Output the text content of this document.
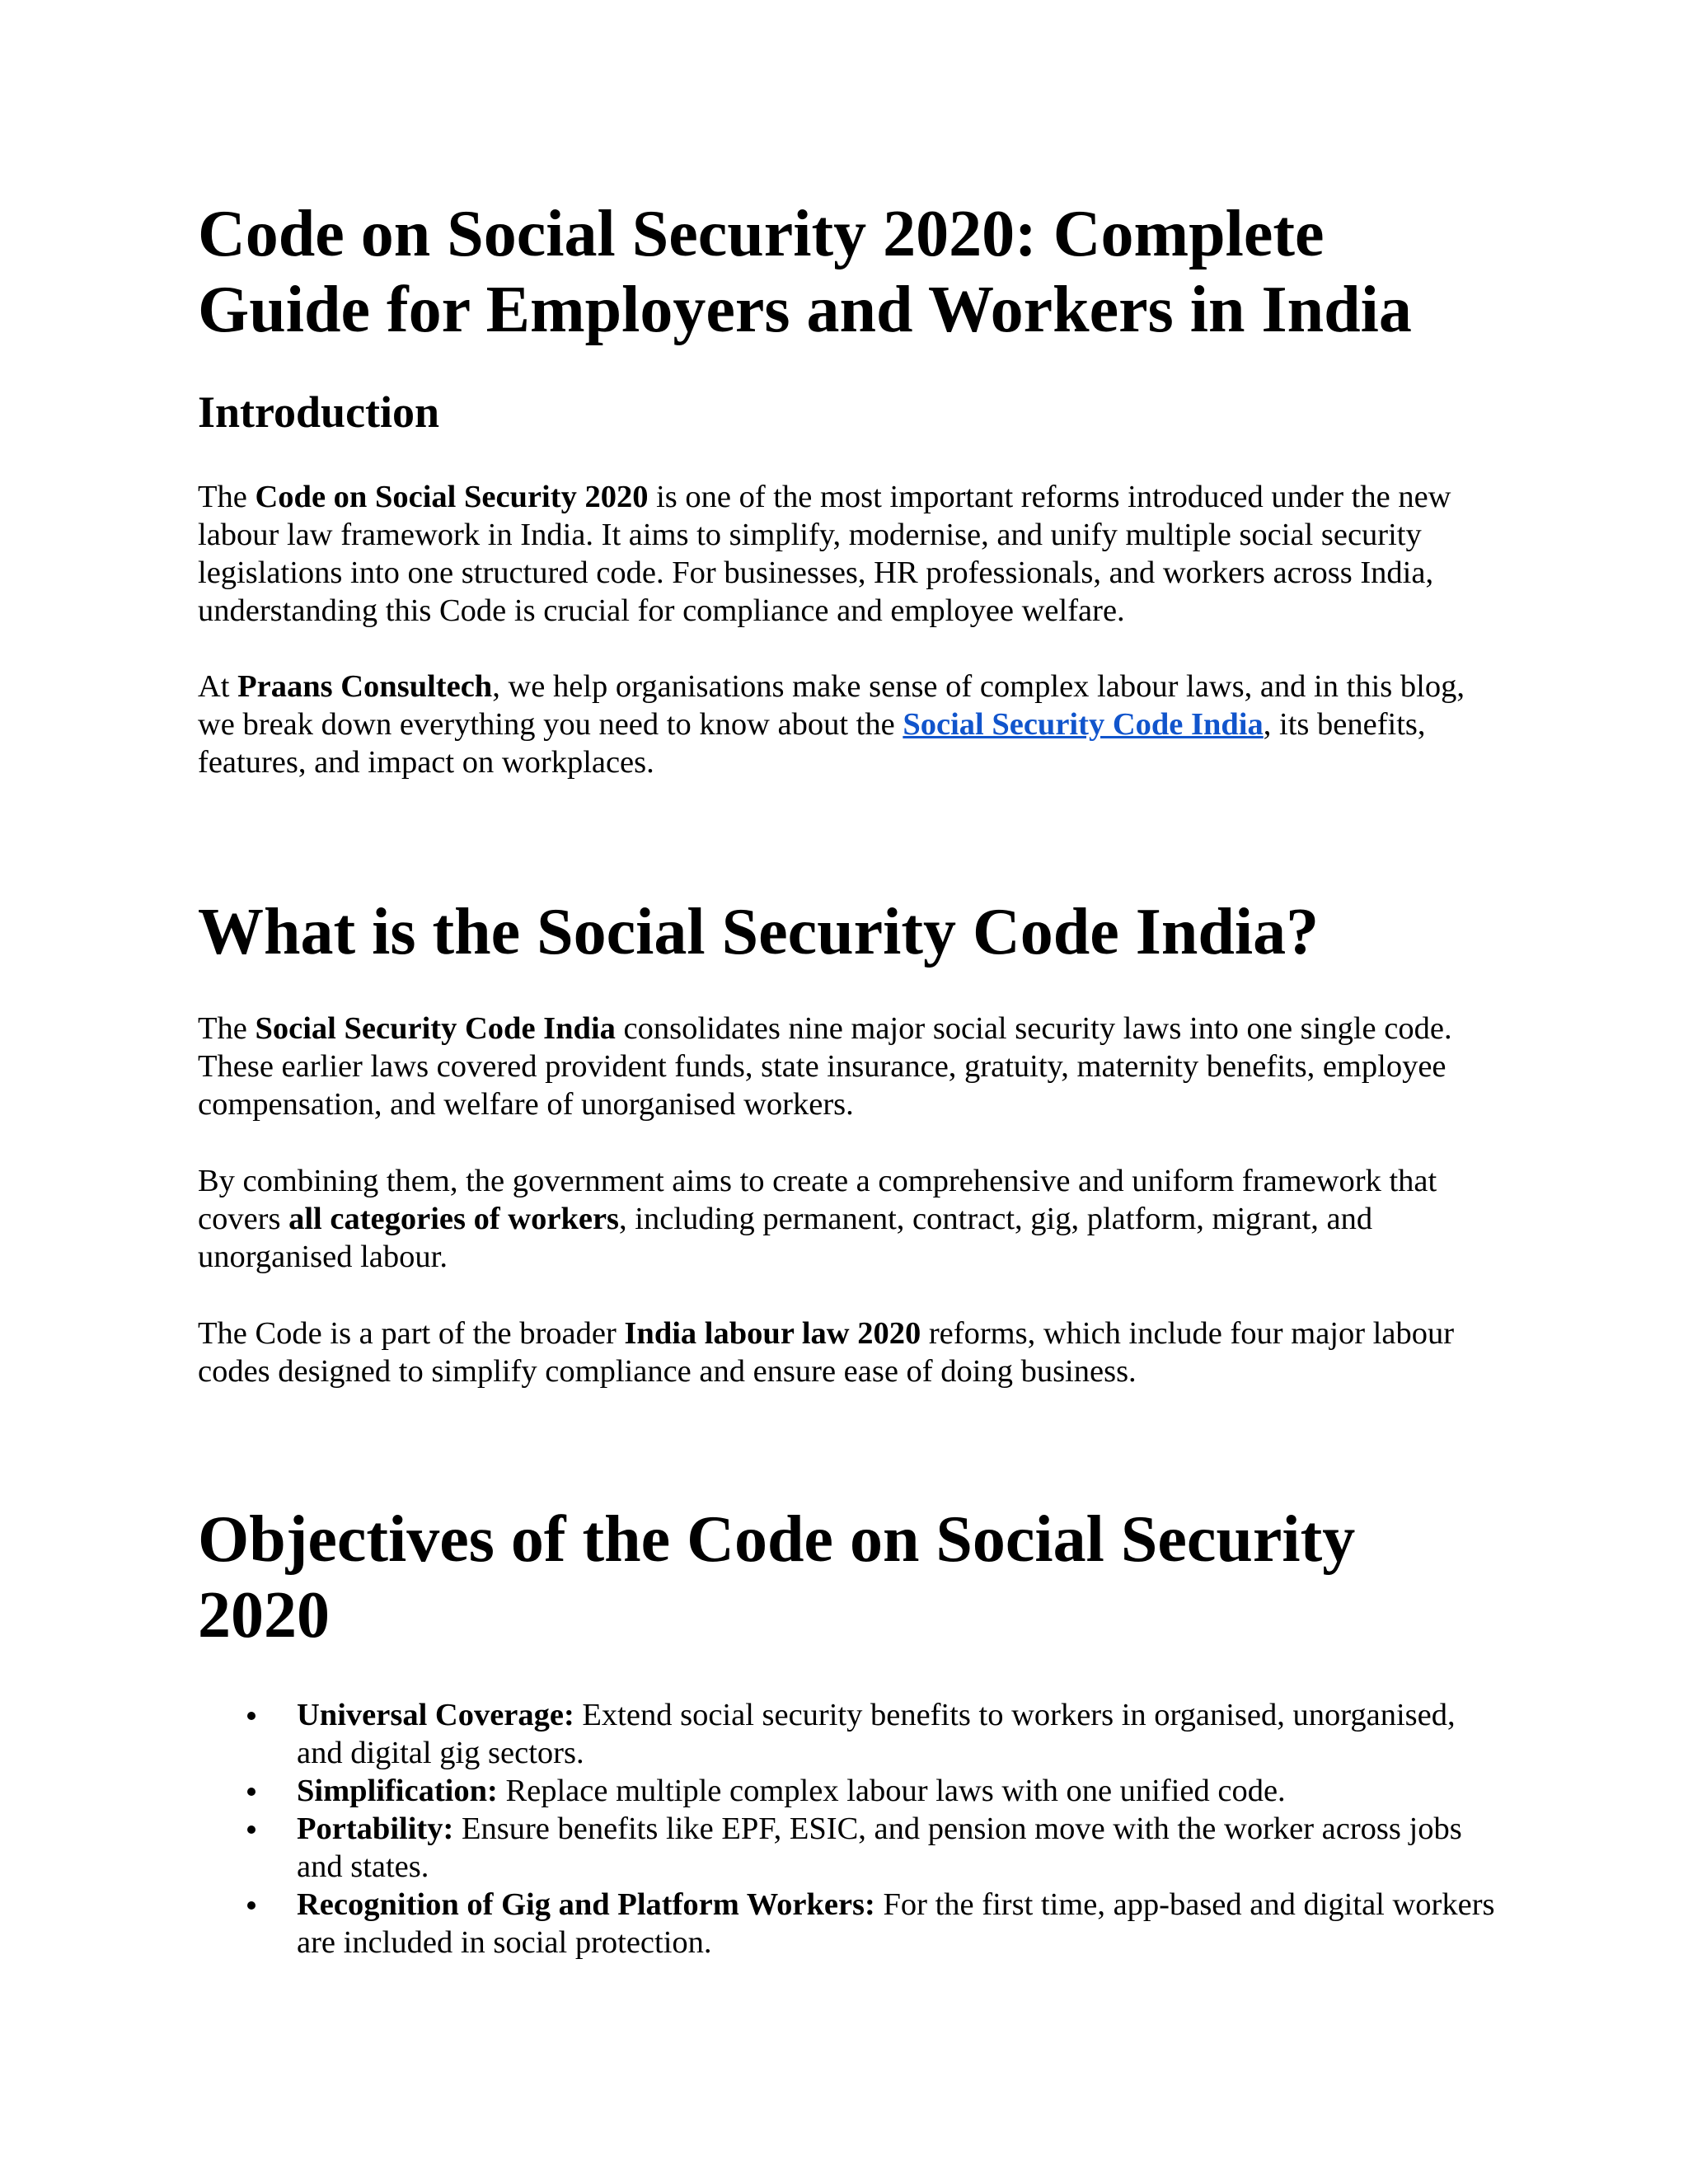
Code on Social Security 2020: Complete
Guide for Employers and Workers in India
Introduction

The Code on Social Security 2020 is one of the most important reforms introduced under the new labour law framework in India. It aims to simplify, modernise, and unify multiple social security legislations into one structured code. For businesses, HR professionals, and workers across India, understanding this Code is crucial for compliance and employee welfare.

At Praans Consultech, we help organisations make sense of complex labour laws, and in this blog, we break down everything you need to know about the Social Security Code India, its benefits, features, and impact on workplaces.

What is the Social Security Code India?

The Social Security Code India consolidates nine major social security laws into one single code. These earlier laws covered provident funds, state insurance, gratuity, maternity benefits, employee compensation, and welfare of unorganised workers.

By combining them, the government aims to create a comprehensive and uniform framework that covers all categories of workers, including permanent, contract, gig, platform, migrant, and unorganised labour.

The Code is a part of the broader India labour law 2020 reforms, which include four major labour codes designed to simplify compliance and ensure ease of doing business.

Objectives of the Code on Social Security
2020
Universal Coverage: Extend social security benefits to workers in organised, unorganised, and digital gig sectors.
Simplification: Replace multiple complex labour laws with one unified code.
Portability: Ensure benefits like EPF, ESIC, and pension move with the worker across jobs and states.
Recognition of Gig and Platform Workers: For the first time, app-based and digital workers are included in social protection.
